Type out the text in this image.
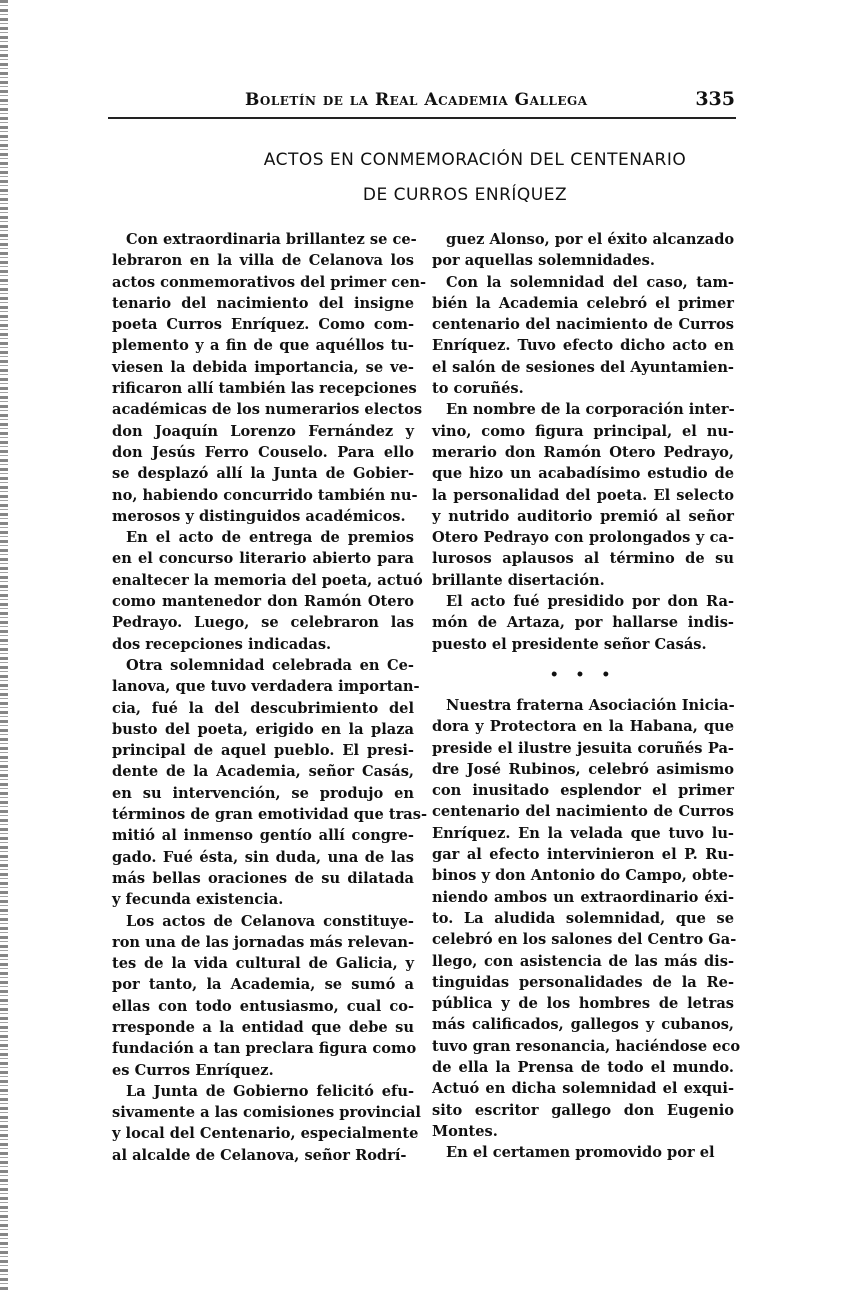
Boletín de la Real Academia Gallega	335
ACTOS EN CONMEMORACIÓN DEL CENTENARIO
DE CURROS ENRÍQUEZ
Con extraordinaria brillantez se ce-
lebraron en la villa de Celanova los
actos conmemorativos del primer cen-
tenario del nacimiento del insigne
poeta Curros Enríquez. Como com-
plemento y a fin de que aquéllos tu-
viesen la debida importancia, se ve-
rificaron allí también las recepciones
académicas de los numerarios electos
don Joaquín Lorenzo Fernández y
don Jesús Ferro Couselo. Para ello
se desplazó allí la Junta de Gobier-
no, habiendo concurrido también nu-
merosos y distinguidos académicos.
En el acto de entrega de premios
en el concurso literario abierto para
enaltecer la memoria del poeta, actuó
como mantenedor don Ramón Otero
Pedrayo. Luego, se celebraron las
dos recepciones indicadas.
Otra solemnidad celebrada en Ce-
lanova, que tuvo verdadera importan-
cia, fué la del descubrimiento del
busto del poeta, erigido en la plaza
principal de aquel pueblo. El presi-
dente de la Academia, señor Casás,
en su intervención, se produjo en
términos de gran emotividad que tras-
mitió al inmenso gentío allí congre-
gado. Fué ésta, sin duda, una de las
más bellas oraciones de su dilatada
y fecunda existencia.
Los actos de Celanova constituye-
ron una de las jornadas más relevan-
tes de la vida cultural de Galicia, y
por tanto, la Academia, se sumó a
ellas con todo entusiasmo, cual co-
rresponde a la entidad que debe su
fundación a tan preclara figura como
es Curros Enríquez.
La Junta de Gobierno felicitó efu-
sivamente a las comisiones provincial
y local del Centenario, especialmente
al alcalde de Celanova, señor Rodrí-
guez Alonso, por el éxito alcanzado
por aquellas solemnidades.
Con la solemnidad del caso, tam-
bién la Academia celebró el primer
centenario del nacimiento de Curros
Enríquez. Tuvo efecto dicho acto en
el salón de sesiones del Ayuntamien-
to coruñés.
En nombre de la corporación inter-
vino, como figura principal, el nu-
merario don Ramón Otero Pedrayo,
que hizo un acabadísimo estudio de
la personalidad del poeta. El selecto
y nutrido auditorio premió al señor
Otero Pedrayo con prolongados y ca-
lurosos aplausos al término de su
brillante disertación.
El acto fué presidido por don Ra-
món de Artaza, por hallarse indis-
puesto el presidente señor Casás.
• • •
Nuestra fraterna Asociación Inicia-
dora y Protectora en la Habana, que
preside el ilustre jesuita coruñés Pa-
dre José Rubinos, celebró asimismo
con inusitado esplendor el primer
centenario del nacimiento de Curros
Enríquez. En la velada que tuvo lu-
gar al efecto intervinieron el P. Ru-
binos y don Antonio do Campo, obte-
niendo ambos un extraordinario éxi-
to. La aludida solemnidad, que se
celebró en los salones del Centro Ga-
llego, con asistencia de las más dis-
tinguidas personalidades de la Re-
pública y de los hombres de letras
más calificados, gallegos y cubanos,
tuvo gran resonancia, haciéndose eco
de ella la Prensa de todo el mundo.
Actuó en dicha solemnidad el exqui-
sito escritor gallego don Eugenio
Montes.
En el certamen promovido por el
